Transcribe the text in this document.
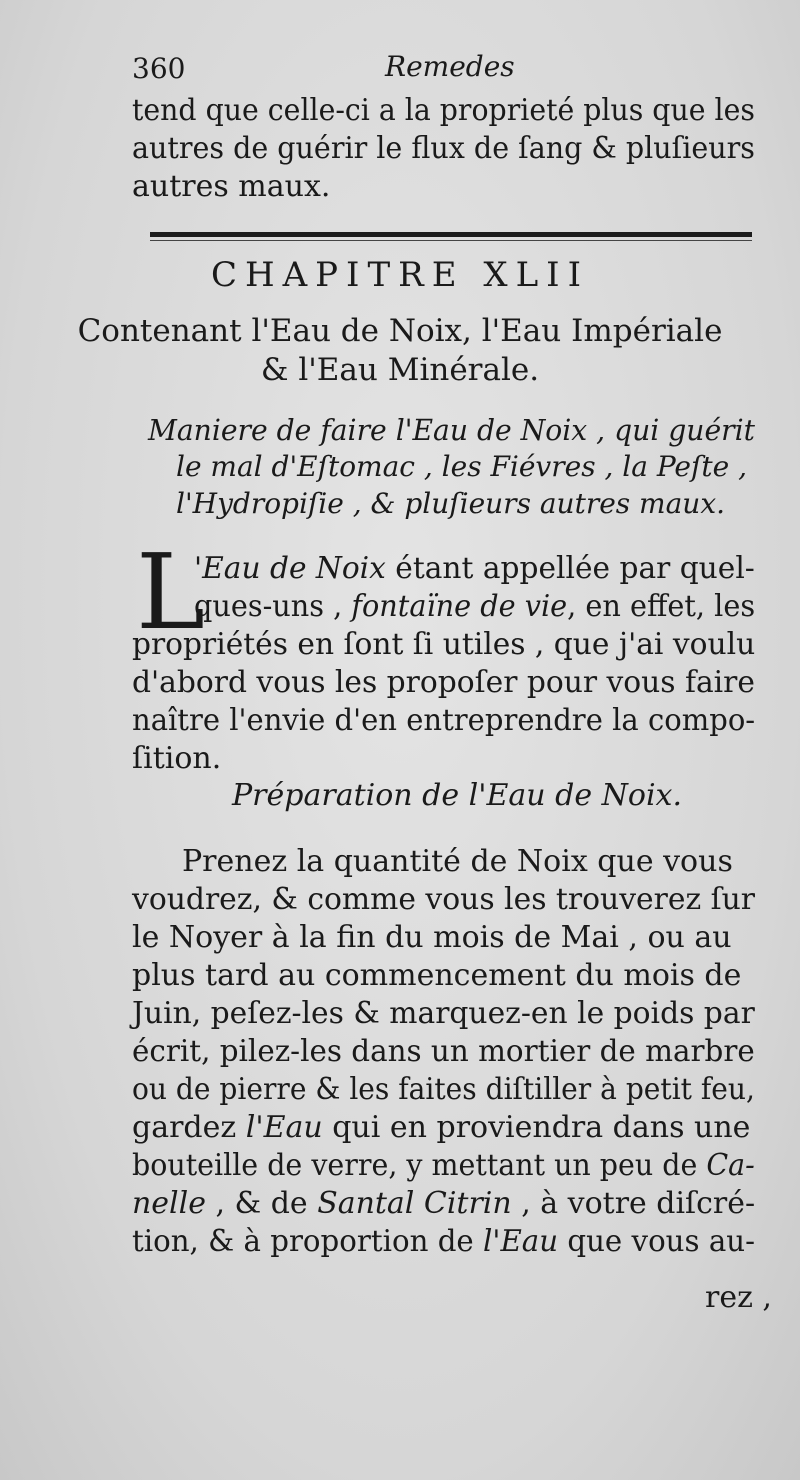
360	Remedes
tend que celle-ci a la proprieté plus que les
autres de guérir le flux de ſang & pluſieurs
autres maux.
CHAPITRE XLII
Contenant l'Eau de Noix, l'Eau Impériale
& l'Eau Minérale.
Maniere de faire l'Eau de Noix , qui guérit
le mal d'Eſtomac , les Fiévres , la Peſte ,
l'Hydropiſie , & pluſieurs autres maux.
L
'Eau de Noix étant appellée par quel-
ques-uns , fontaïne de vie, en effet, les
propriétés en ſont ſi utiles , que j'ai voulu
d'abord vous les propoſer pour vous faire
naître l'envie d'en entreprendre la compo-
ſition.
Préparation de l'Eau de Noix.
Prenez la quantité de Noix que vous
voudrez, & comme vous les trouverez ſur
le Noyer à la fin du mois de Mai , ou au
plus tard au commencement du mois de
Juin, peſez-les & marquez-en le poids par
écrit, pilez-les dans un mortier de marbre
ou de pierre & les faites diſtiller à petit feu,
gardez l'Eau qui en proviendra dans une
bouteille de verre, y mettant un peu de Ca-
nelle , & de Santal Citrin , à votre diſcré-
tion, & à proportion de l'Eau que vous au-
rez ,
